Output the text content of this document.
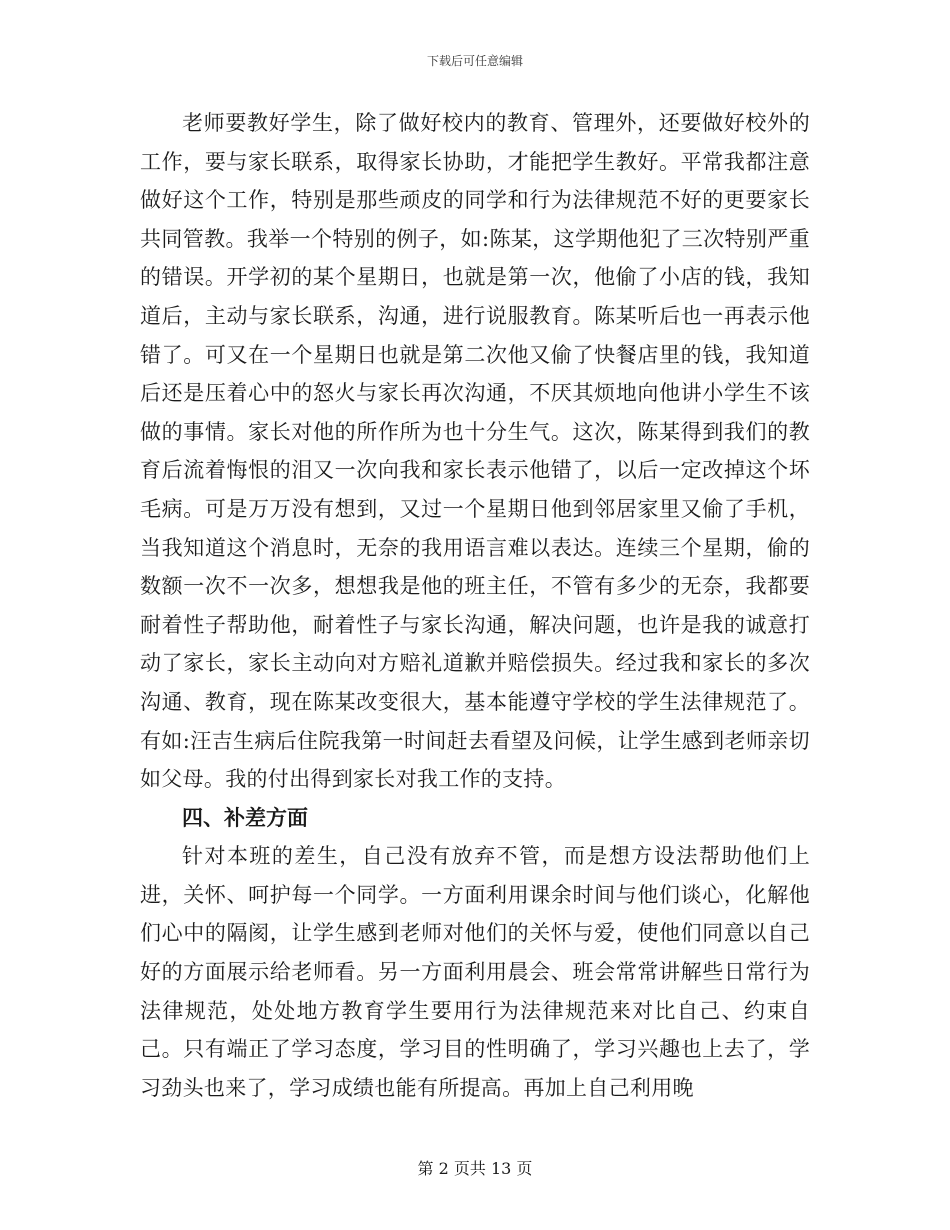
下载后可任意编辑

老师要教好学生，除了做好校内的教育、管理外，还要做好校外的工作，要与家长联系，取得家长协助，才能把学生教好。平常我都注意做好这个工作，特别是那些顽皮的同学和行为法律规范不好的更要家长共同管教。我举一个特别的例子，如:陈某，这学期他犯了三次特别严重的错误。开学初的某个星期日，也就是第一次，他偷了小店的钱，我知道后，主动与家长联系，沟通，进行说服教育。陈某听后也一再表示他错了。可又在一个星期日也就是第二次他又偷了快餐店里的钱，我知道后还是压着心中的怒火与家长再次沟通，不厌其烦地向他讲小学生不该做的事情。家长对他的所作所为也十分生气。这次，陈某得到我们的教育后流着悔恨的泪又一次向我和家长表示他错了，以后一定改掉这个坏毛病。可是万万没有想到，又过一个星期日他到邻居家里又偷了手机，当我知道这个消息时，无奈的我用语言难以表达。连续三个星期，偷的数额一次不一次多，想想我是他的班主任，不管有多少的无奈，我都要耐着性子帮助他，耐着性子与家长沟通，解决问题，也许是我的诚意打动了家长，家长主动向对方赔礼道歉并赔偿损失。经过我和家长的多次沟通、教育，现在陈某改变很大，基本能遵守学校的学生法律规范了。有如:汪吉生病后住院我第一时间赶去看望及问候，让学生感到老师亲切如父母。我的付出得到家长对我工作的支持。

四、补差方面

针对本班的差生，自己没有放弃不管，而是想方设法帮助他们上进，关怀、呵护每一个同学。一方面利用课余时间与他们谈心，化解他们心中的隔阂，让学生感到老师对他们的关怀与爱，使他们同意以自己好的方面展示给老师看。另一方面利用晨会、班会常常讲解些日常行为法律规范，处处地方教育学生要用行为法律规范来对比自己、约束自己。只有端正了学习态度，学习目的性明确了，学习兴趣也上去了，学习劲头也来了，学习成绩也能有所提高。再加上自己利用晚

第 2 页共 13 页
